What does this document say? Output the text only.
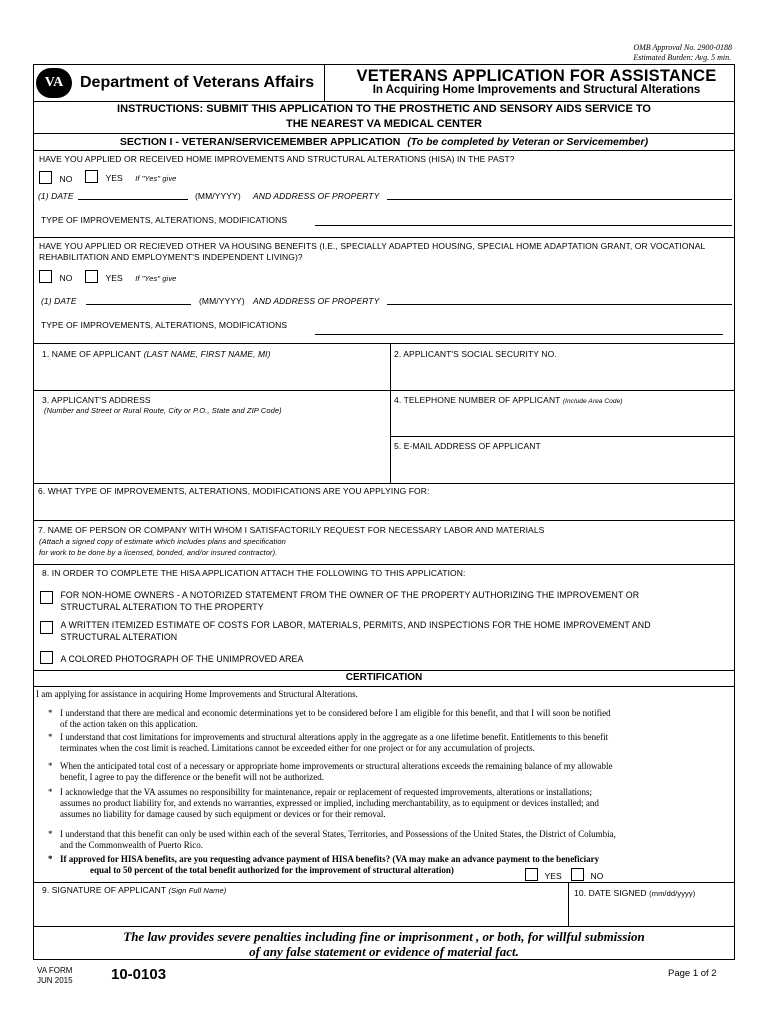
OMB Approval No. 2900-0188
Estimated Burden: Avg. 5 min.
VA	Department of Veterans Affairs	VETERANS APPLICATION FOR ASSISTANCE
In Acquiring Home Improvements and Structural Alterations
INSTRUCTIONS: SUBMIT THIS APPLICATION TO THE PROSTHETIC AND SENSORY AIDS SERVICE TO
THE NEAREST VA MEDICAL CENTER
SECTION I - VETERAN/SERVICEMEMBER APPLICATION (To be completed by Veteran or Servicemember)
HAVE YOU APPLIED OR RECEIVED HOME IMPROVEMENTS AND STRUCTURAL ALTERATIONS (HISA) IN THE PAST?
NO	YES If "Yes" give
(1) DATE	(MM/YYYY) AND ADDRESS OF PROPERTY
TYPE OF IMPROVEMENTS, ALTERATIONS, MODIFICATIONS
HAVE YOU APPLIED OR RECIEVED OTHER VA HOUSING BENEFITS (I.E., SPECIALLY ADAPTED HOUSING, SPECIAL HOME ADAPTATION GRANT, OR VOCATIONAL
REHABILITATION AND EMPLOYMENT'S INDEPENDENT LIVING)?
NO	YES If "Yes" give
(1) DATE	(MM/YYYY) AND ADDRESS OF PROPERTY
TYPE OF IMPROVEMENTS, ALTERATIONS, MODIFICATIONS
1. NAME OF APPLICANT (LAST NAME, FIRST NAME, MI)	2. APPLICANT'S SOCIAL SECURITY NO.
3. APPLICANT'S ADDRESS
(Number and Street or Rural Route, City or P.O., State and ZIP Code)
4. TELEPHONE NUMBER OF APPLICANT (Include Area Code)
5. E-MAIL ADDRESS OF APPLICANT
6. WHAT TYPE OF IMPROVEMENTS, ALTERATIONS, MODIFICATIONS ARE YOU APPLYING FOR:
7. NAME OF PERSON OR COMPANY WITH WHOM I SATISFACTORILY REQUEST FOR NECESSARY LABOR AND MATERIALS
(Attach a signed copy of estimate which includes plans and specification
for work to be done by a licensed, bonded, and/or insured contractor).
8. IN ORDER TO COMPLETE THE HISA APPLICATION ATTACH THE FOLLOWING TO THIS APPLICATION:

FOR NON-HOME OWNERS - A NOTORIZED STATEMENT FROM THE OWNER OF THE PROPERTY AUTHORIZING THE IMPROVEMENT OR
STRUCTURAL ALTERATION TO THE PROPERTY

A WRITTEN ITEMIZED ESTIMATE OF COSTS FOR LABOR, MATERIALS, PERMITS, AND INSPECTIONS FOR THE HOME IMPROVEMENT AND
STRUCTURAL ALTERATION
A COLORED PHOTOGRAPH OF THE UNIMPROVED AREA
CERTIFICATION
I am applying for assistance in acquiring Home Improvements and Structural Alterations.
* I understand that there are medical and economic determinations yet to be considered before I am eligible for this benefit, and that I will soon be notified
of the action taken on this application.
* I understand that cost limitations for improvements and structural alterations apply in the aggregate as a one lifetime benefit. Entitlements to this benefit
terminates when the cost limit is reached. Limitations cannot be exceeded either for one project or for any accumulation of projects.
* When the anticipated total cost of a necessary or appropriate home improvements or structural alterations exceeds the remaining balance of my allowable
benefit, I agree to pay the difference or the benefit will not be authorized.
* I acknowledge that the VA assumes no responsibility for maintenance, repair or replacement of requested improvements, alterations or installations;
assumes no product liability for, and extends no warranties, expressed or implied, including merchantability, as to equipment or devices installed; and
assumes no liability for damage caused by such equipment or devices or for their removal.
* I understand that this benefit can only be used within each of the several States, Territories, and Possessions of the United States, the District of Columbia,
and the Commonwealth of Puerto Rico.
* If approved for HISA benefits, are you requesting advance payment of HISA benefits? (VA may make an advance payment to the beneficiary
equal to 50 percent of the total benefit authorized for the improvement of structural alteration)
YES	NO
9. SIGNATURE OF APPLICANT (Sign Full Name)	10. DATE SIGNED (mm/dd/yyyy)
The law provides severe penalties including fine or imprisonment , or both, for willful submission
of any false statement or evidence of material fact.
VA FORM
JUN 2015	10-0103	Page 1 of 2
